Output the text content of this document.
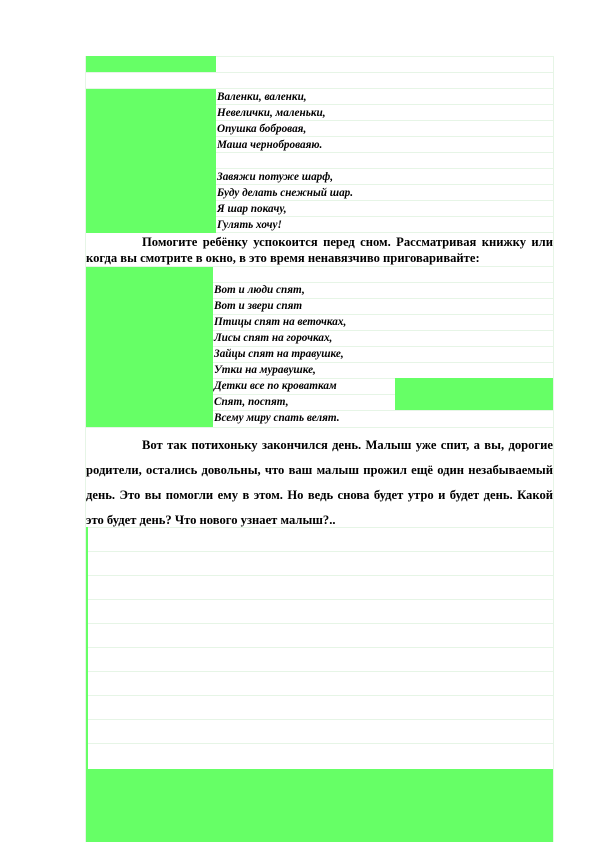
Валенки, валенки,
Невелички, маленьки,
Опушка бобровая,
Маша черноброваяю.

Завяжи потуже шарф,
Буду делать снежный шар.
Я шар покачу,
Гулять хочу!
Помогите ребёнку успокоится перед сном. Рассматривая книжку или когда вы смотрите в окно, в это время ненавязчиво приговаривайте:
Вот и люди спят,
Вот и звери спят
Птицы спят на веточках,
Лисы спят на горочках,
Зайцы спят на травушке,
Утки на муравушке,
Детки все по кроваткам
Спят, поспят,
Всему миру спать велят.
Вот так потихоньку закончился день. Малыш уже спит, а вы, дорогие родители, остались довольны, что ваш малыш прожил ещё один незабываемый день. Это вы помогли ему в этом. Но ведь снова будет утро и будет день. Какой это будет день? Что нового узнает малыш?..
